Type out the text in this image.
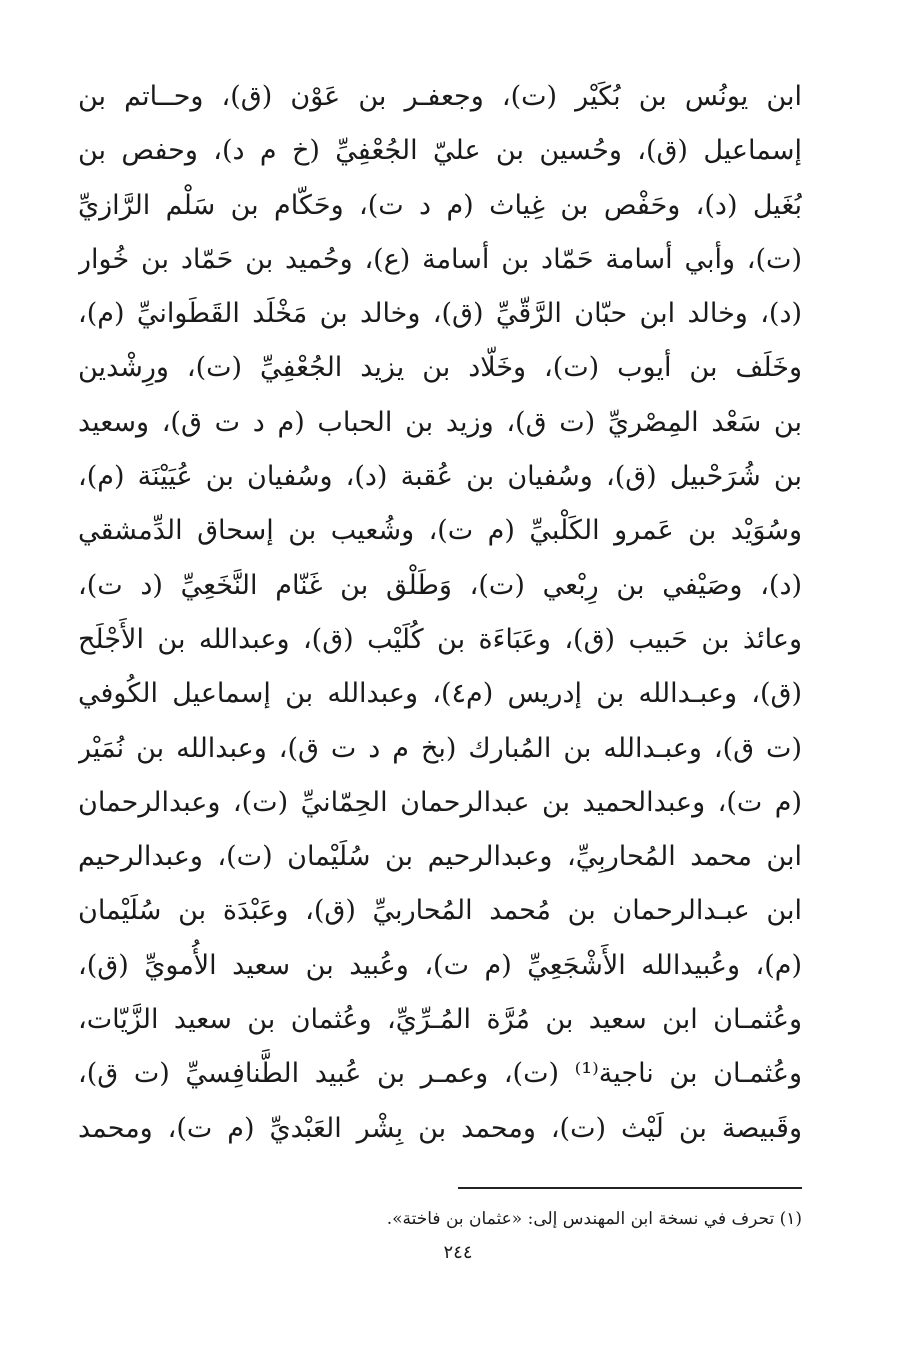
ابن يونُس بن بُكَيْر (ت)، وجعفـر بن عَوْن (ق)، وحــاتم بن
إسماعيل (ق)، وحُسين بن عليّ الجُعْفِيِّ (خ م د)، وحفص بن
بُغَيل (د)، وحَفْص بن غِياث (م د ت)، وحَكّام بن سَلْم الرَّازيِّ
(ت)، وأبي أسامة حَمّاد بن أسامة (ع)، وحُميد بن حَمّاد بن خُوار
(د)، وخالد ابن حبّان الرَّقّيِّ (ق)، وخالد بن مَخْلَد القَطَوانيِّ (م)،
وخَلَف بن أيوب (ت)، وخَلّاد بن يزيد الجُعْفِيِّ (ت)، ورِشْدين
بن سَعْد المِصْريِّ (ت ق)، وزيد بن الحباب (م د ت ق)، وسعيد
بن شُرَحْبيل (ق)، وسُفيان بن عُقبة (د)، وسُفيان بن عُيَيْنَة (م)،
وسُوَيْد بن عَمرو الكَلْبيِّ (م ت)، وشُعيب بن إسحاق الدِّمشقي
(د)، وصَيْفي بن رِبْعي (ت)، وَطَلْق بن غَنّام النَّخَعِيِّ (د ت)،
وعائذ بن حَبيب (ق)، وعَبَاءَة بن كُلَيْب (ق)، وعبدالله بن الأَجْلَح
(ق)، وعبـدالله بن إدريس (م٤)، وعبدالله بن إسماعيل الكُوفي
(ت ق)، وعبـدالله بن المُبارك (بخ م د ت ق)، وعبدالله بن نُمَيْر
(م ت)، وعبدالحميد بن عبدالرحمان الحِمّانيِّ (ت)، وعبدالرحمان
ابن محمد المُحاربِيِّ، وعبدالرحيم بن سُلَيْمان (ت)، وعبدالرحيم
ابن عبـدالرحمان بن مُحمد المُحاربيِّ (ق)، وعَبْدَة بن سُلَيْمان
(م)، وعُبيدالله الأَشْجَعِيِّ (م ت)، وعُبيد بن سعيد الأُمويِّ (ق)،
وعُثمـان ابن سعيد بن مُرَّة المُـرِّيِّ، وعُثمان بن سعيد الزَّيّات،
وعُثمـان بن ناجية⁽¹⁾ (ت)، وعمـر بن عُبيد الطَّنافِسيِّ (ت ق)،
وقَبيصة بن لَيْث (ت)، ومحمد بن بِشْر العَبْديِّ (م ت)، ومحمد
(١) تحرف في نسخة ابن المهندس إلى: «عثمان بن فاختة».
٢٤٤
